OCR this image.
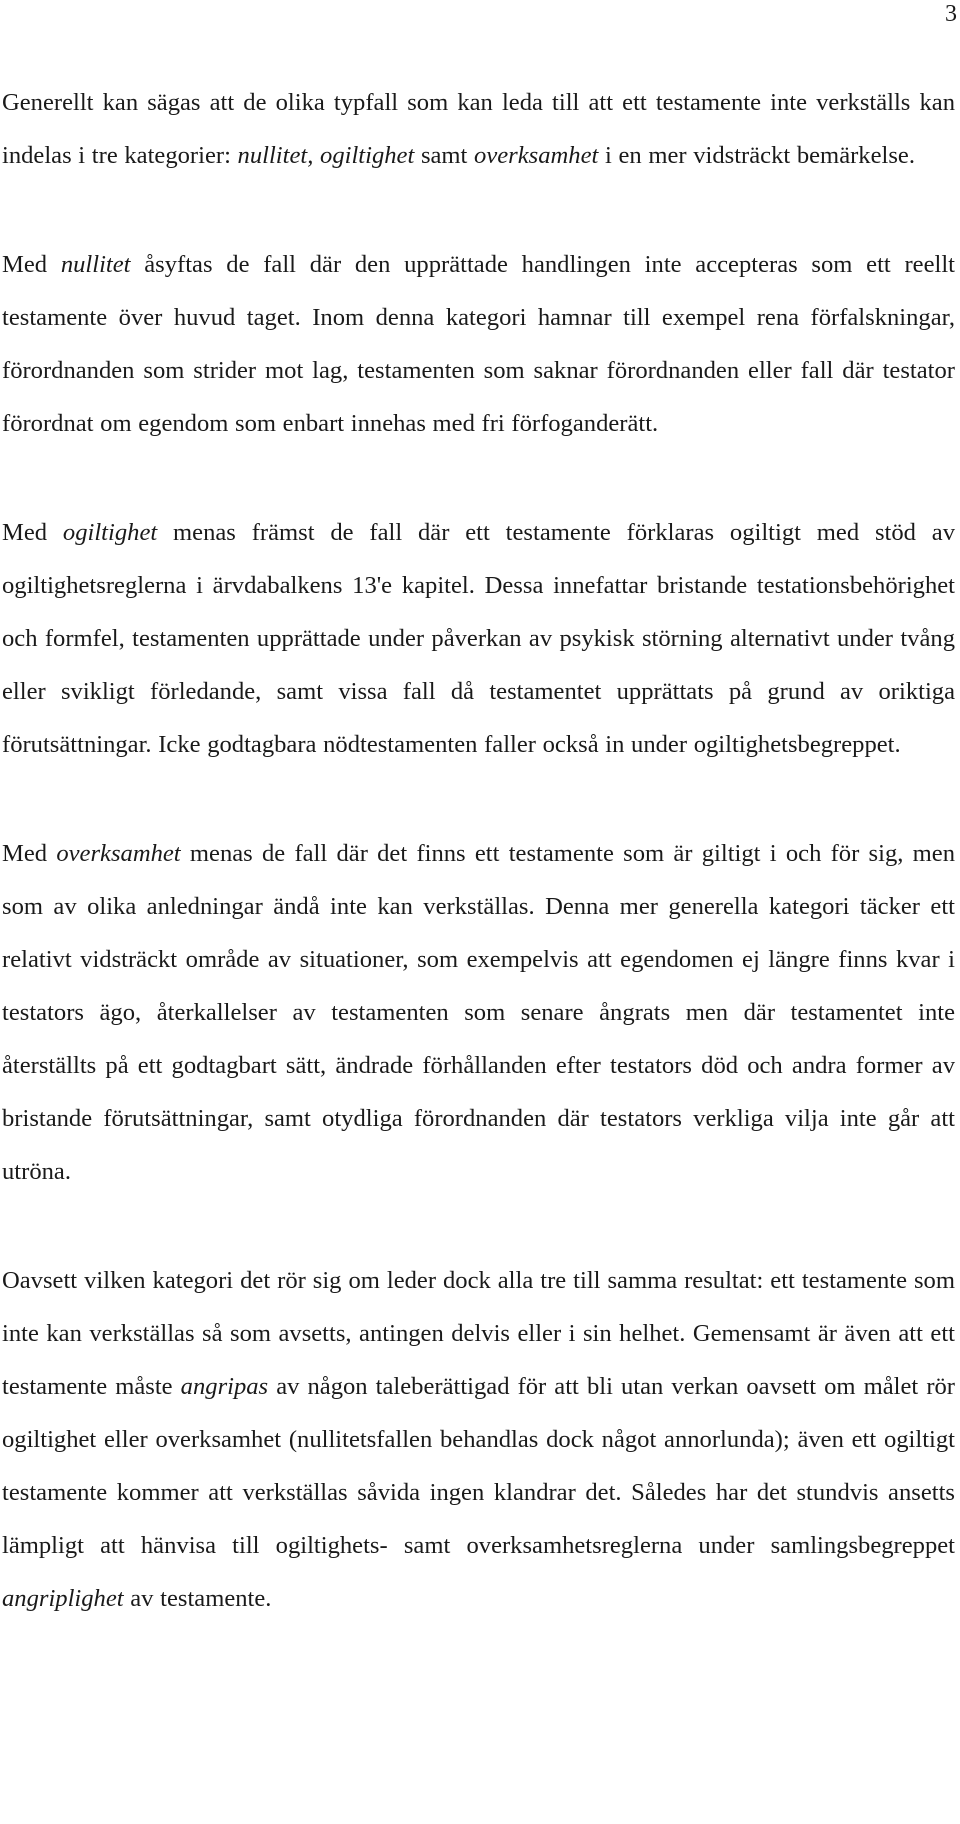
3

Generellt kan sägas att de olika typfall som kan leda till att ett testamente inte verkställs kan indelas i tre kategorier: nullitet, ogiltighet samt overksamhet i en mer vidsträckt bemärkelse.

Med nullitet åsyftas de fall där den upprättade handlingen inte accepteras som ett reellt testamente över huvud taget. Inom denna kategori hamnar till exempel rena förfalskningar, förordnanden som strider mot lag, testamenten som saknar förordnanden eller fall där testator förordnat om egendom som enbart innehas med fri förfoganderätt.

Med ogiltighet menas främst de fall där ett testamente förklaras ogiltigt med stöd av ogiltighetsreglerna i ärvdabalkens 13'e kapitel. Dessa innefattar bristande testationsbehörighet och formfel, testamenten upprättade under påverkan av psykisk störning alternativt under tvång eller svikligt förledande, samt vissa fall då testamentet upprättats på grund av oriktiga förutsättningar. Icke godtagbara nödtestamenten faller också in under ogiltighetsbegreppet.

Med overksamhet menas de fall där det finns ett testamente som är giltigt i och för sig, men som av olika anledningar ändå inte kan verkställas. Denna mer generella kategori täcker ett relativt vidsträckt område av situationer, som exempelvis att egendomen ej längre finns kvar i testators ägo, återkallelser av testamenten som senare ångrats men där testamentet inte återställts på ett godtagbart sätt, ändrade förhållanden efter testators död och andra former av bristande förutsättningar, samt otydliga förordnanden där testators verkliga vilja inte går att utröna.

Oavsett vilken kategori det rör sig om leder dock alla tre till samma resultat: ett testamente som inte kan verkställas så som avsetts, antingen delvis eller i sin helhet. Gemensamt är även att ett testamente måste angripas av någon taleberättigad för att bli utan verkan oavsett om målet rör ogiltighet eller overksamhet (nullitetsfallen behandlas dock något annorlunda); även ett ogiltigt testamente kommer att verkställas såvida ingen klandrar det. Således har det stundvis ansetts lämpligt att hänvisa till ogiltighets- samt overksamhetsreglerna under samlingsbegreppet angriplighet av testamente.
